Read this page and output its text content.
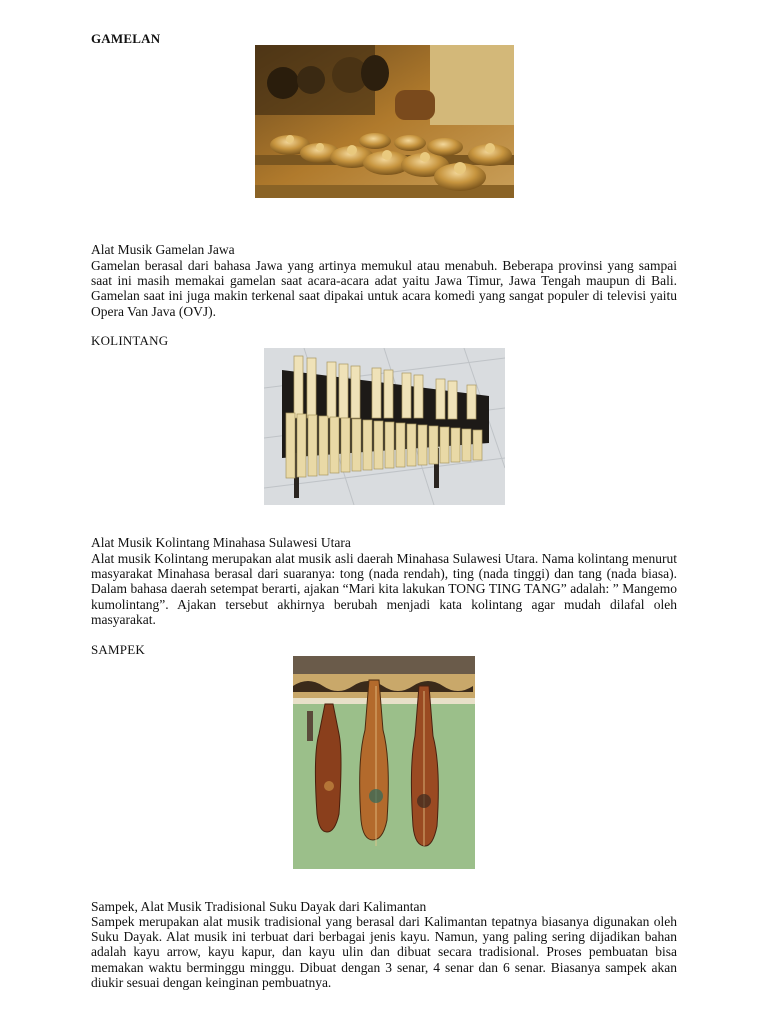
GAMELAN
Alat Musik Gamelan Jawa

Gamelan berasal dari bahasa Jawa yang artinya memukul atau menabuh. Beberapa provinsi yang sampai saat ini masih memakai gamelan saat acara-acara adat yaitu Jawa Timur, Jawa Tengah maupun di Bali. Gamelan saat ini juga makin terkenal saat dipakai untuk acara komedi yang sangat populer di televisi yaitu Opera Van Java (OVJ).

KOLINTANG
Alat Musik Kolintang Minahasa Sulawesi Utara

Alat musik Kolintang merupakan alat musik asli daerah Minahasa Sulawesi Utara. Nama kolintang menurut masyarakat Minahasa berasal dari suaranya: tong (nada rendah), ting (nada tinggi) dan tang (nada biasa). Dalam bahasa daerah setempat berarti, ajakan “Mari kita lakukan TONG TING TANG” adalah: ” Mangemo kumolintang”. Ajakan tersebut akhirnya berubah menjadi kata kolintang agar mudah dilafal oleh masyarakat.

SAMPEK
Sampek, Alat Musik Tradisional Suku Dayak dari Kalimantan

Sampek merupakan alat musik tradisional yang berasal dari Kalimantan tepatnya biasanya digunakan oleh Suku Dayak. Alat musik ini terbuat dari berbagai jenis kayu. Namun, yang paling sering dijadikan bahan adalah kayu arrow, kayu kapur, dan kayu ulin dan dibuat secara tradisional. Proses pembuatan bisa memakan waktu berminggu minggu. Dibuat dengan 3 senar, 4 senar dan 6 senar. Biasanya sampek akan diukir sesuai dengan keinginan pembuatnya.
